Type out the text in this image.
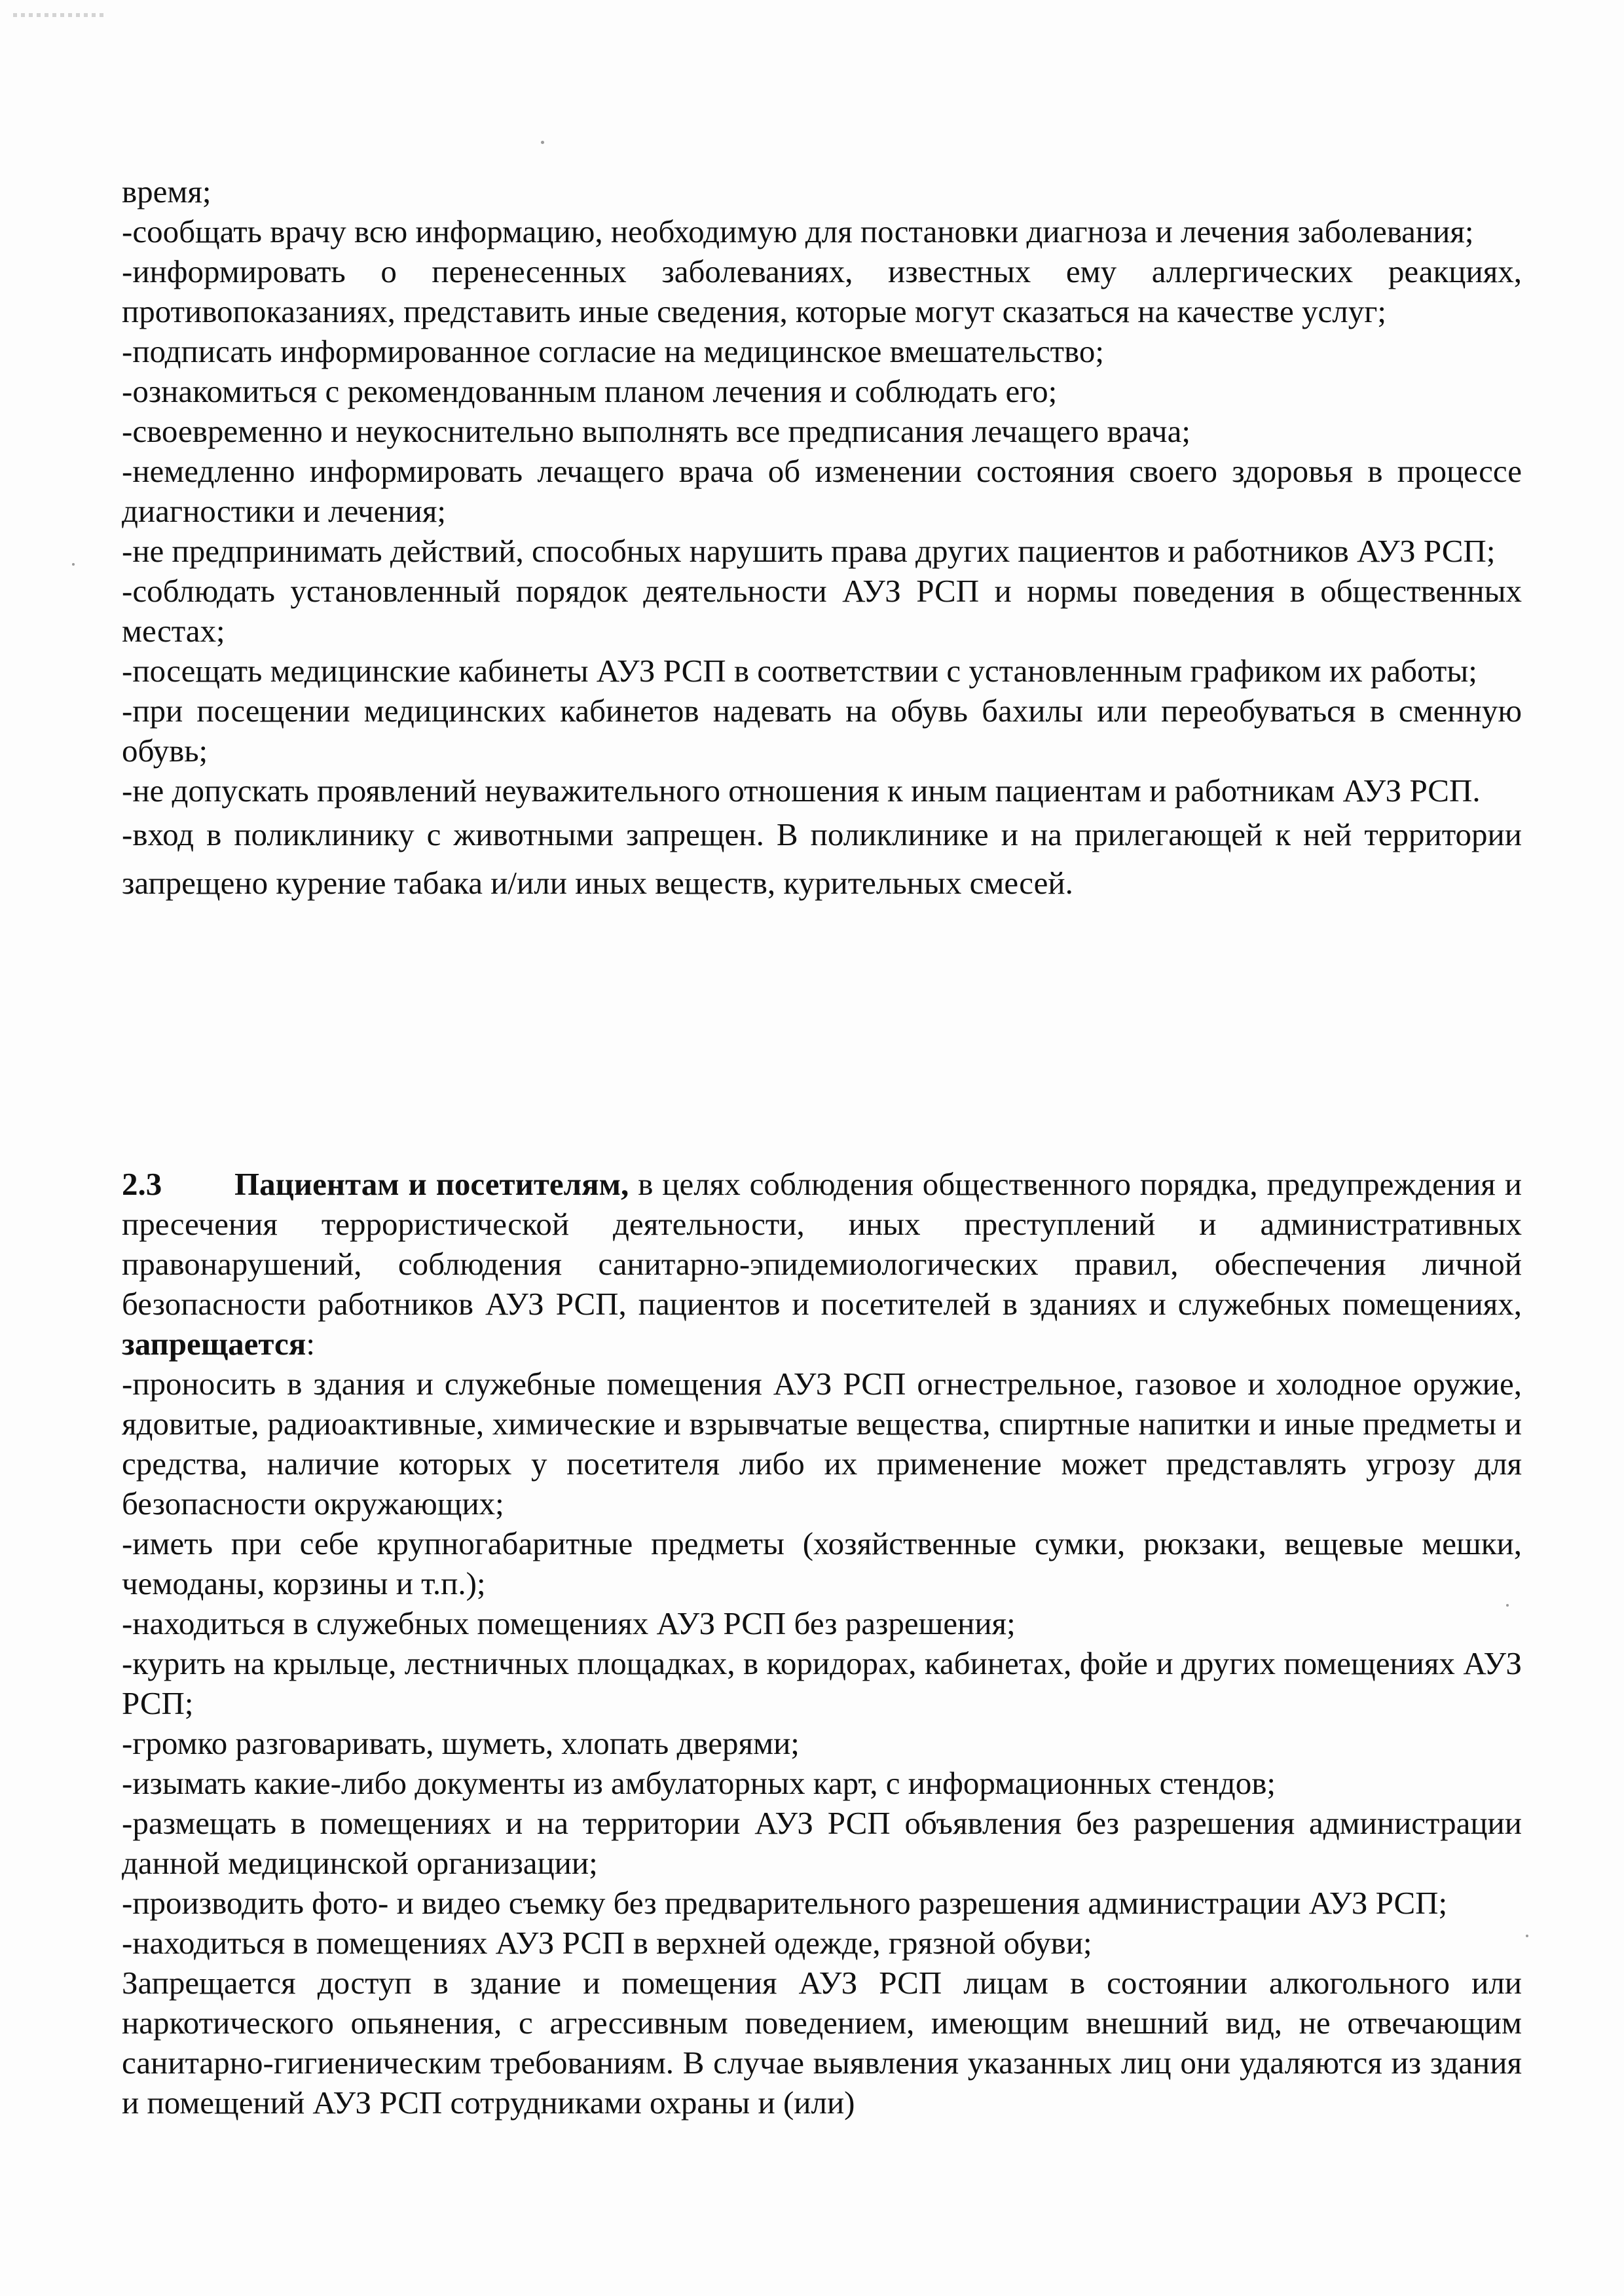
время;
-сообщать врачу всю информацию, необходимую для постановки диагноза и лечения заболевания;
-информировать о перенесенных заболеваниях, известных ему аллергических реакциях, противопоказаниях, представить иные сведения, которые могут сказаться на качестве услуг;
-подписать информированное согласие на медицинское вмешательство;
-ознакомиться с рекомендованным планом лечения и соблюдать его;
-своевременно и неукоснительно выполнять все предписания лечащего врача;
-немедленно информировать лечащего врача об изменении состояния своего здоровья в процессе диагностики и лечения;
-не предпринимать действий, способных нарушить права других пациентов и работников АУЗ РСП;
-соблюдать установленный порядок деятельности АУЗ РСП и нормы поведения в общественных местах;
-посещать медицинские кабинеты АУЗ РСП в соответствии с установленным графиком их работы;
-при посещении медицинских кабинетов надевать на обувь бахилы или переобуваться в сменную обувь;
-не допускать проявлений неуважительного отношения к иным пациентам и работникам АУЗ РСП.
-вход в поликлинику с животными запрещен. В поликлинике и на прилегающей к ней территории запрещено курение табака и/или иных веществ, курительных смесей.
2.3 Пациентам и посетителям, в целях соблюдения общественного порядка, предупреждения и пресечения террористической деятельности, иных преступлений и административных правонарушений, соблюдения санитарно-эпидемиологических правил, обеспечения личной безопасности работников АУЗ РСП, пациентов и посетителей в зданиях и служебных помещениях, запрещается:
-проносить в здания и служебные помещения АУЗ РСП огнестрельное, газовое и холодное оружие, ядовитые, радиоактивные, химические и взрывчатые вещества, спиртные напитки и иные предметы и средства, наличие которых у посетителя либо их применение может представлять угрозу для безопасности окружающих;
-иметь при себе крупногабаритные предметы (хозяйственные сумки, рюкзаки, вещевые мешки, чемоданы, корзины и т.п.);
-находиться в служебных помещениях АУЗ РСП без разрешения;
-курить на крыльце, лестничных площадках, в коридорах, кабинетах, фойе и других помещениях АУЗ РСП;
-громко разговаривать, шуметь, хлопать дверями;
-изымать какие-либо документы из амбулаторных карт, с информационных стендов;
-размещать в помещениях и на территории АУЗ РСП объявления без разрешения администрации данной медицинской организации;
-производить фото- и видео съемку без предварительного разрешения администрации АУЗ РСП;
-находиться в помещениях АУЗ РСП в верхней одежде, грязной обуви;
Запрещается доступ в здание и помещения АУЗ РСП лицам в состоянии алкогольного или наркотического опьянения, с агрессивным поведением, имеющим внешний вид, не отвечающим санитарно-гигиеническим требованиям. В случае выявления указанных лиц они удаляются из здания и помещений АУЗ РСП сотрудниками охраны и (или)
